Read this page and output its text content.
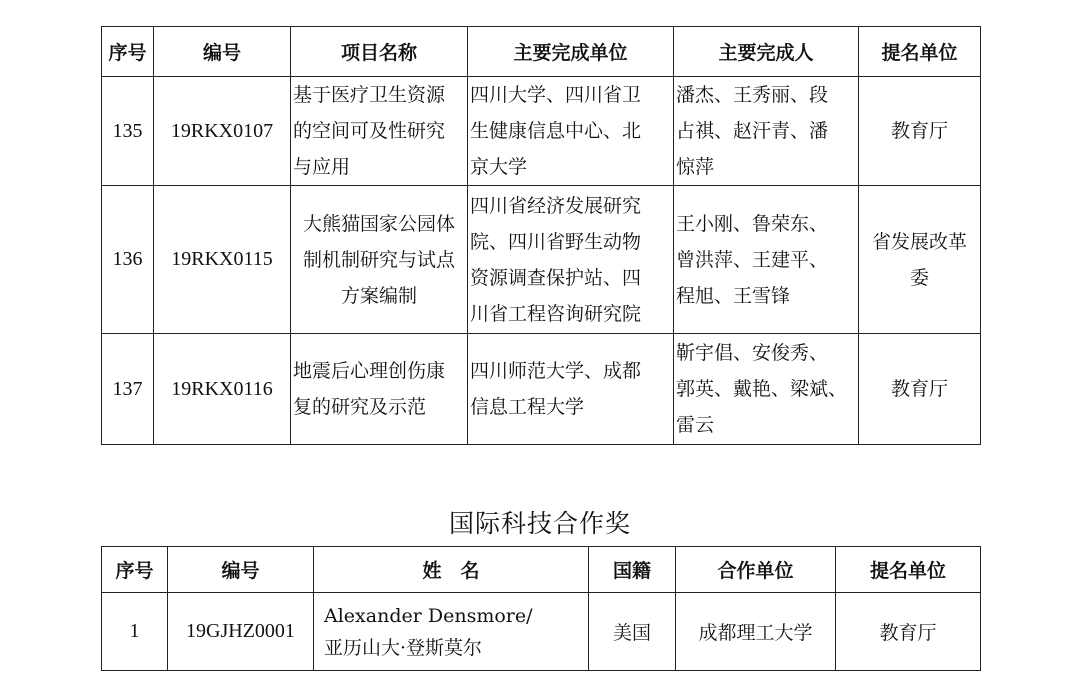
序号	编号	项目名称	主要完成单位	主要完成人	提名单位
135	19RKX0107	基于医疗卫生资源
的空间可及性研究
与应用	四川大学、四川省卫
生健康信息中心、北
京大学	潘杰、王秀丽、段
占祺、赵汗青、潘
惊萍	教育厅

136	19RKX0115	大熊猫国家公园体
制机制研究与试点
方案编制	四川省经济发展研究
院、四川省野生动物
资源调查保护站、四
川省工程咨询研究院	王小刚、鲁荣东、
曾洪萍、王建平、
程旭、王雪锋	省发展改革
委

137	19RKX0116	地震后心理创伤康
复的研究及示范	四川师范大学、成都
信息工程大学	靳宇倡、安俊秀、
郭英、戴艳、梁斌、
雷云	教育厅
国际科技合作奖
序号	编号	姓　名	国籍	合作单位	提名单位
1	19GJHZ0001	Alexander Densmore/
亚历山大·登斯莫尔	美国	成都理工大学	教育厅
